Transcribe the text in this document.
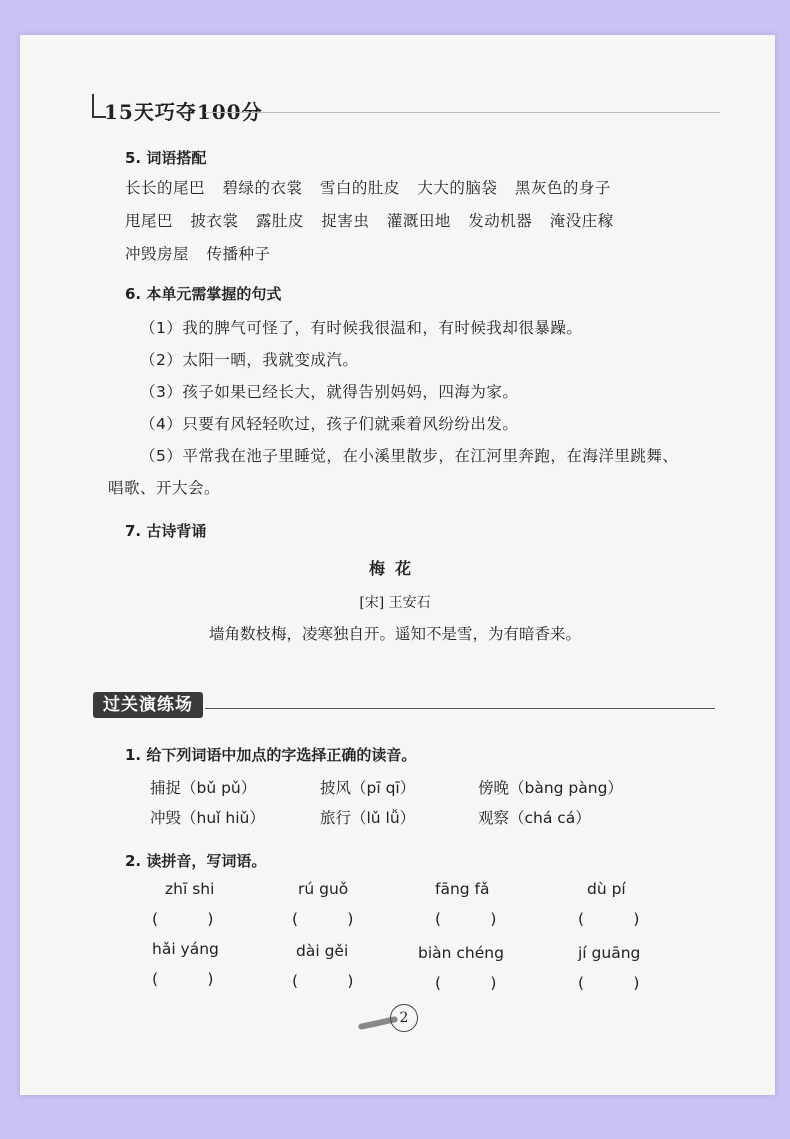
15天巧夺100分
5. 词语搭配
长长的尾巴 碧绿的衣裳 雪白的肚皮 大大的脑袋 黑灰色的身子
甩尾巴 披衣裳 露肚皮 捉害虫 灌溉田地 发动机器 淹没庄稼
冲毁房屋 传播种子
6. 本单元需掌握的句式
（1）我的脾气可怪了，有时候我很温和，有时候我却很暴躁。
（2）太阳一晒，我就变成汽。
（3）孩子如果已经长大，就得告别妈妈，四海为家。
（4）只要有风轻轻吹过，孩子们就乘着风纷纷出发。
（5）平常我在池子里睡觉，在小溪里散步，在江河里奔跑，在海洋里跳舞、
唱歌、开大会。
7. 古诗背诵
梅花
[宋] 王安石
墙角数枝梅，凌寒独自开。遥知不是雪，为有暗香来。
过关演练场
1. 给下列词语中加点的字选择正确的读音。
捕捉（bǔ pǔ）	披风（pī qī）	傍晚（bàng pàng）
冲毁（huǐ hiǔ）	旅行（lǔ lǚ）	观察（chá cá）
2. 读拼音，写词语。
zhī shi	rú guǒ	fāng fǎ	dù pí
(          )	(          )	(          )	(          )
hǎi yáng	dài gěi	biàn chéng	jí guāng
(          )	(          )	(          )	(          )
2
